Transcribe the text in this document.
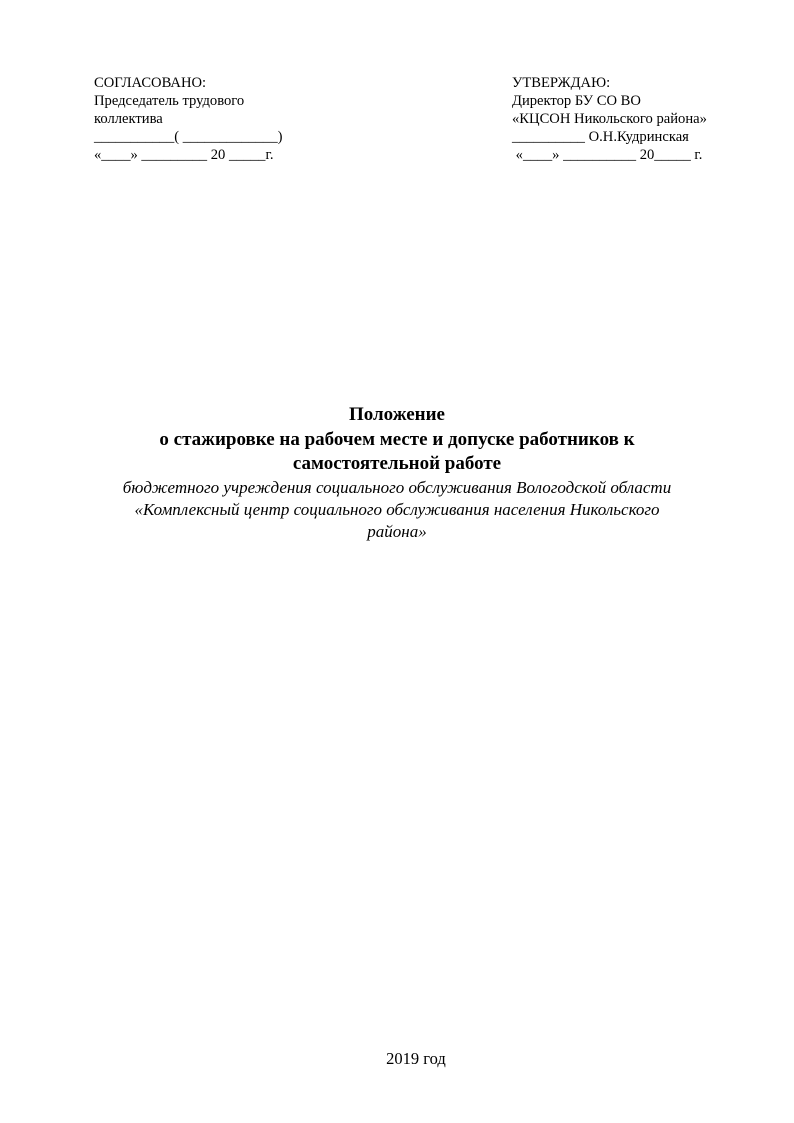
СОГЛАСОВАНО:
Председатель трудового
коллектива
___________( _____________)
«____» _________ 20 _____г.
УТВЕРЖДАЮ:
Директор БУ СО ВО
«КЦСОН Никольского района»
__________ О.Н.Кудринская
«____» __________ 20_____ г.
Положение
о стажировке на рабочем месте и допуске работников к
самостоятельной работе
бюджетного учреждения социального обслуживания Вологодской области
«Комплексный центр социального обслуживания населения Никольского
района»
2019 год
